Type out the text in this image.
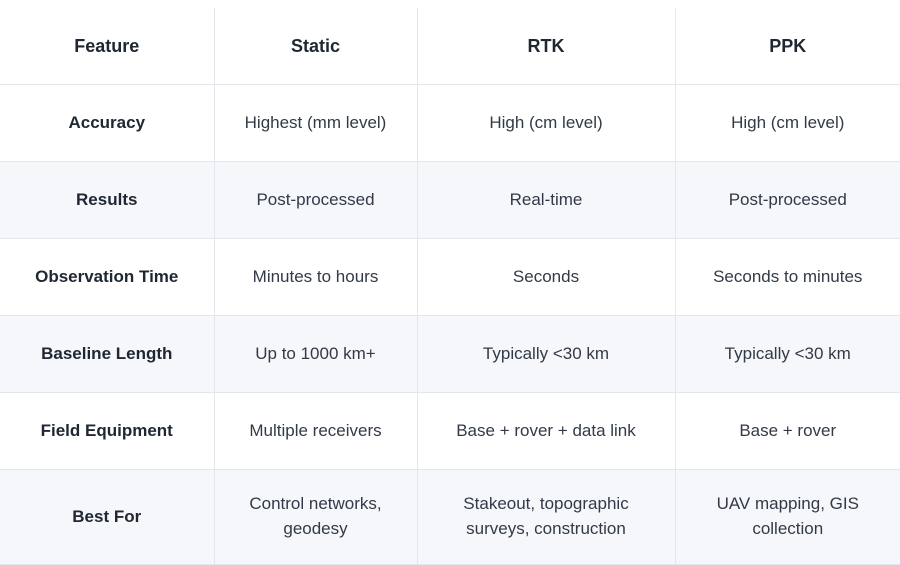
Feature	Static	RTK	PPK
Accuracy	Highest (mm level)	High (cm level)	High (cm level)
Results	Post-processed	Real-time	Post-processed
Observation Time	Minutes to hours	Seconds	Seconds to minutes
Baseline Length	Up to 1000 km+	Typically <30 km	Typically <30 km
Field Equipment	Multiple receivers	Base + rover + data link	Base + rover
Best For	Control networks, geodesy	Stakeout, topographic surveys, construction	UAV mapping, GIS collection
